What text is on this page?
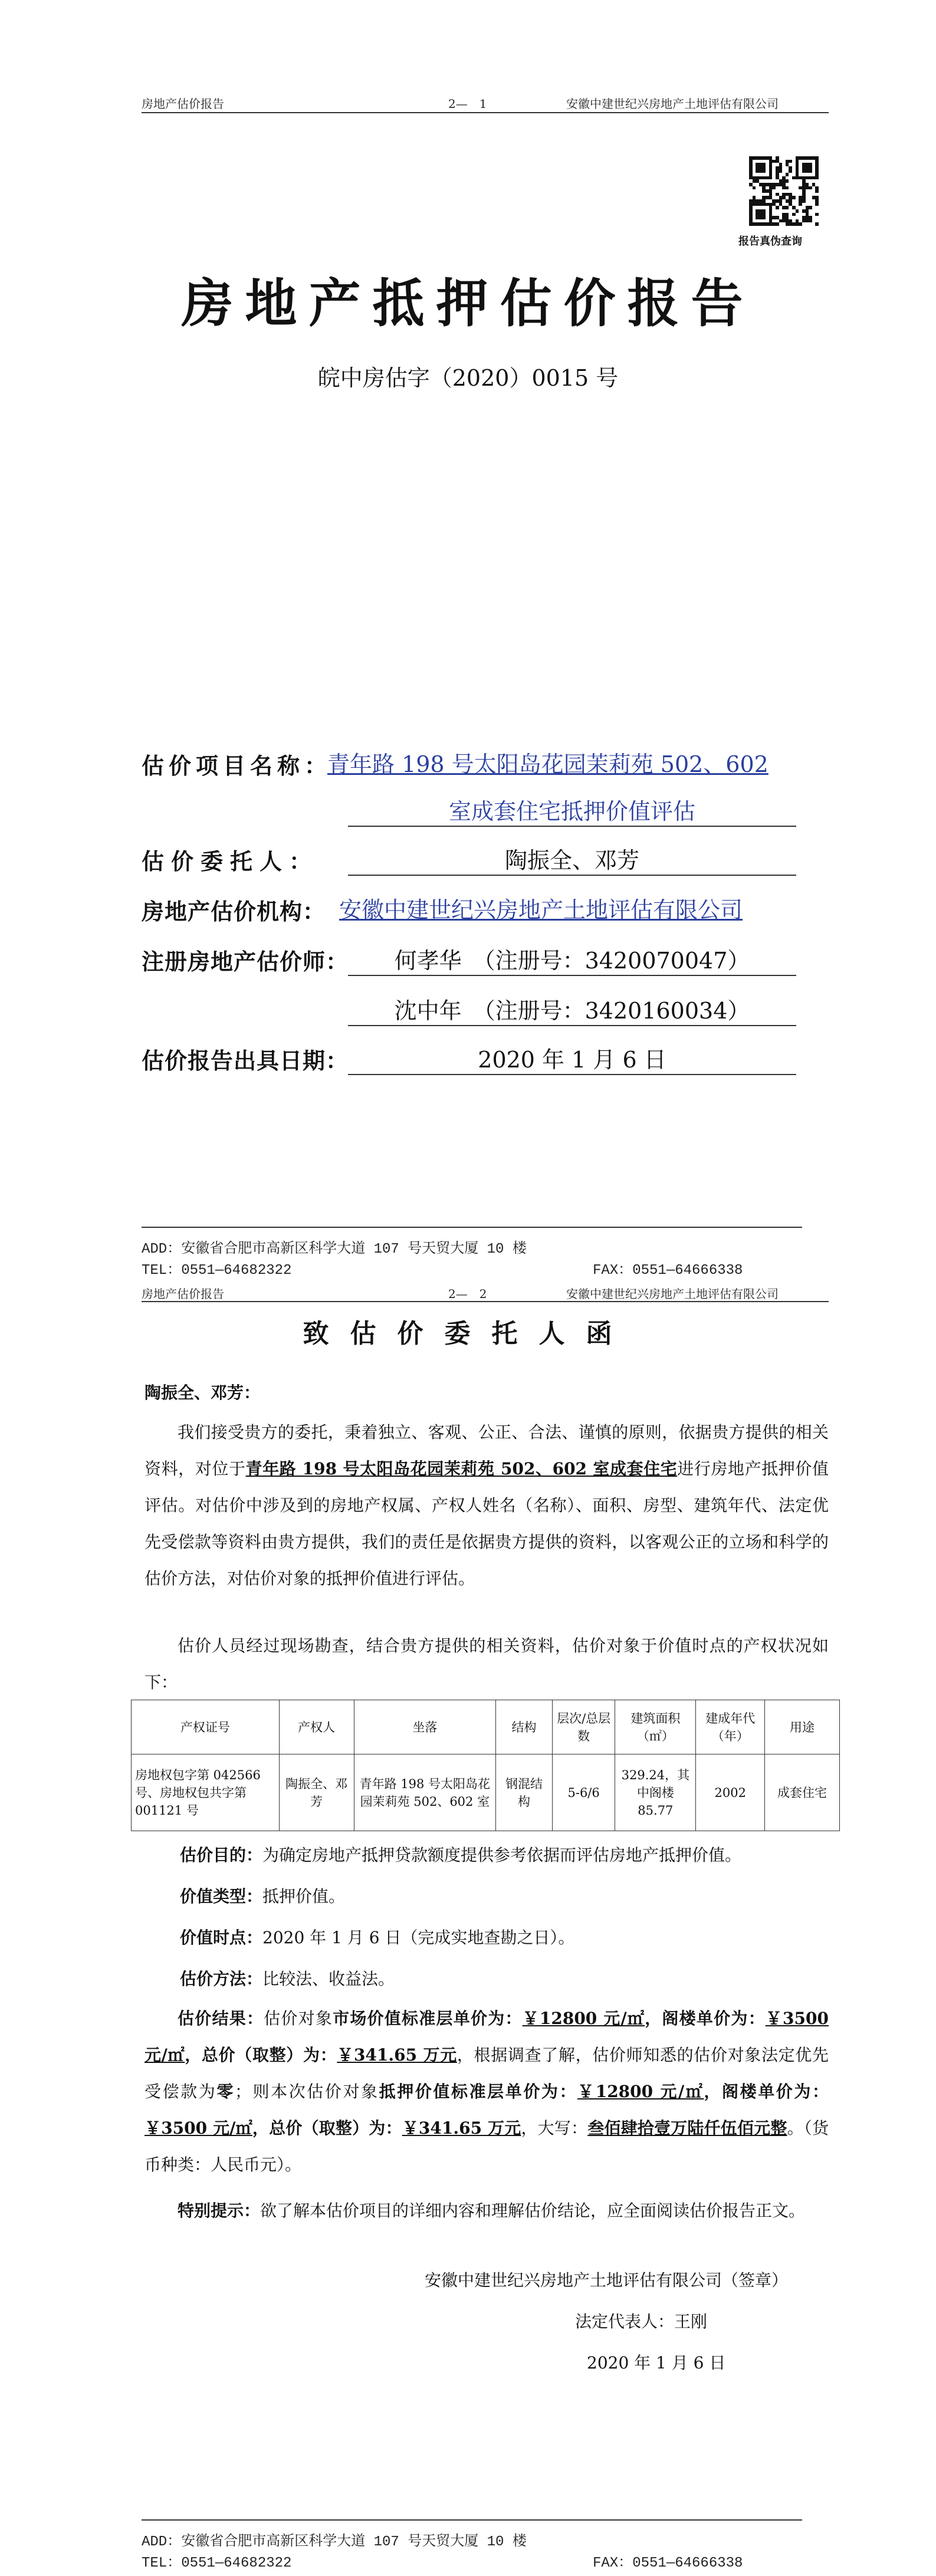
房地产估价报告	2—　1	安徽中建世纪兴房地产土地评估有限公司
报告真伪查询
房地产抵押估价报告
皖中房估字（2020）0015 号
估价项目名称：
青年路 198 号太阳岛花园茉莉苑 502、602
室成套住宅抵押价值评估
估价委托人：	陶振全、邓芳
房地产估价机构： 安徽中建世纪兴房地产土地评估有限公司
注册房地产估价师：	何孝华　（注册号：3420070047）
沈中年　（注册号：3420160034）
估价报告出具日期：	2020 年 1 月 6 日
ADD：安徽省合肥市高新区科学大道 107 号天贸大厦 10 楼
TEL：0551—64682322	FAX：0551—64666338
房地产估价报告	2—　2	安徽中建世纪兴房地产土地评估有限公司
致估价委托人函
陶振全、邓芳：
我们接受贵方的委托，秉着独立、客观、公正、合法、谨慎的原则，依据贵方提供的相关资料，对位于青年路 198 号太阳岛花园茉莉苑 502、602 室成套住宅进行房地产抵押价值评估。对估价中涉及到的房地产权属、产权人姓名（名称）、面积、房型、建筑年代、法定优先受偿款等资料由贵方提供，我们的责任是依据贵方提供的资料，以客观公正的立场和科学的估价方法，对估价对象的抵押价值进行评估。
估价人员经过现场勘查，结合贵方提供的相关资料，估价对象于价值时点的产权状况如下：
产权证号	产权人	坐落	结构	层次/总层数	建筑面积（㎡）	建成年代（年）	用途
房地权包字第 042566 号、房地权包共字第 001121 号	陶振全、邓芳	青年路 198 号太阳岛花园茉莉苑 502、602 室	钢混结构	5-6/6	329.24，其中阁楼 85.77	2002	成套住宅
估价目的：为确定房地产抵押贷款额度提供参考依据而评估房地产抵押价值。
价值类型：抵押价值。
价值时点：2020 年 1 月 6 日（完成实地查勘之日）。
估价方法：比较法、收益法。
估价结果：估价对象市场价值标准层单价为：￥12800 元/㎡，阁楼单价为：￥3500 元/㎡，总价（取整）为：￥341.65 万元，根据调查了解，估价师知悉的估价对象法定优先受偿款为零；则本次估价对象抵押价值标准层单价为：￥12800 元/㎡，阁楼单价为：￥3500 元/㎡，总价（取整）为：￥341.65 万元，大写：叁佰肆拾壹万陆仟伍佰元整。（货币种类：人民币元）。
特别提示：欲了解本估价项目的详细内容和理解估价结论，应全面阅读估价报告正文。
安徽中建世纪兴房地产土地评估有限公司（签章）
法定代表人：王刚
2020 年 1 月 6 日
ADD：安徽省合肥市高新区科学大道 107 号天贸大厦 10 楼
TEL：0551—64682322	FAX：0551—64666338
